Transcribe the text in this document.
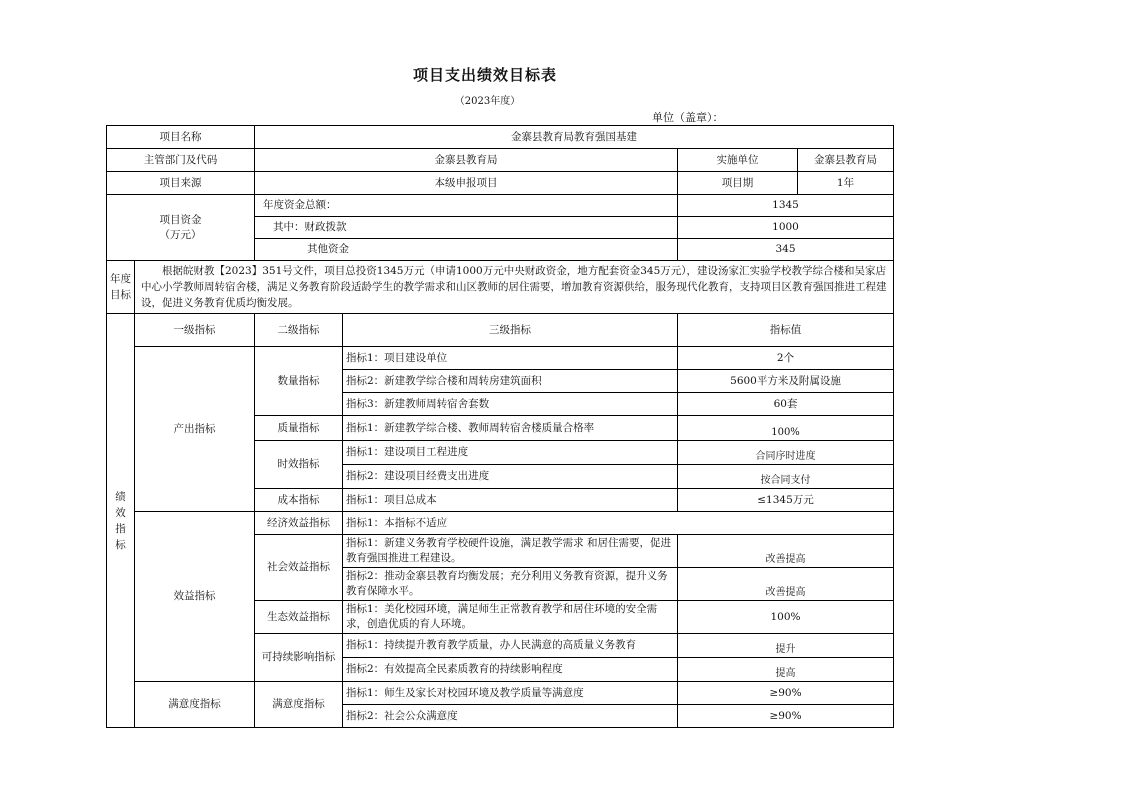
项目支出绩效目标表
（2023年度）
单位（盖章）：
项目名称		金寨县教育局教育强国基建			
主管部门及代码		金寨县教育局		实施单位	金寨县教育局
项目来源		本级申报项目		项目期	1年
项目资金
（万元）		年度资金总额：		1345	
		其中：财政拨款		1000	
		其他资金		345	
年度
目标	根据皖财教【2023】351号文件，项目总投资1345万元（申请1000万元中央财政资金，地方配套资金345万元），建设汤家汇实验学校教学综合楼和吴家店中心小学教师周转宿舍楼，满足义务教育阶段适龄学生的教学需求和山区教师的居住需要，增加教育资源供给，服务现代化教育，支持项目区教育强国推进工程建设，促进义务教育优质均衡发展。				
绩
效
指
标	一级指标	二级指标	三级指标	指标值	
	产出指标	数量指标	指标1：项目建设单位	2个	
			指标2：新建教学综合楼和周转房建筑面积	5600平方米及附属设施	
			指标3：新建教师周转宿舍套数	60套	
		质量指标	指标1：新建教学综合楼、教师周转宿舍楼质量合格率	100%	
		时效指标	指标1：建设项目工程进度	合同序时进度	
			指标2：建设项目经费支出进度	按合同支付	
		成本指标	指标1：项目总成本	≤1345万元	
	效益指标	经济效益指标	指标1：本指标不适应		
		社会效益指标	指标1：新建义务教育学校硬件设施，满足教学需求 和居住需要，促进教育强国推进工程建设。	改善提高	
			指标2：推动金寨县教育均衡发展；充分利用义务教育资源，提升义务教育保障水平。	改善提高	
		生态效益指标	指标1：美化校园环境，满足师生正常教育教学和居住环境的安全需求，创造优质的育人环境。	100%	
		可持续影响指标	指标1：持续提升教育教学质量，办人民满意的高质量义务教育	提升	
			指标2：有效提高全民素质教育的持续影响程度	提高	
	满意度指标	满意度指标	指标1：师生及家长对校园环境及教学质量等满意度	≥90%	
			指标2：社会公众满意度	≥90%	
